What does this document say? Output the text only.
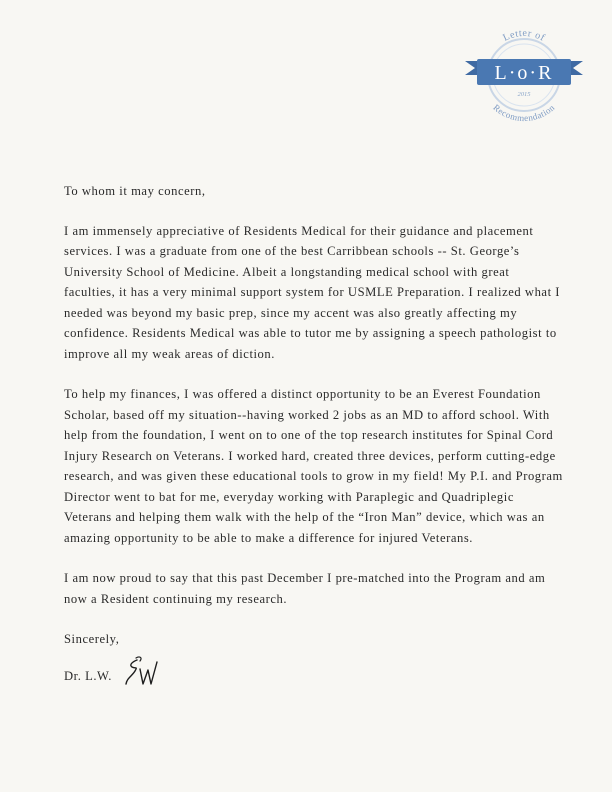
Letter of
L·o·R
2015
Recommendation

To whom it may concern,

I am immensely appreciative of Residents Medical for their guidance and placement services. I was a graduate from one of the best Carribbean schools -- St. George’s University School of Medicine. Albeit a longstanding medical school with great faculties, it has a very minimal support system for USMLE Preparation. I realized what I needed was beyond my basic prep, since my accent was also greatly affecting my confidence. Residents Medical was able to tutor me by assigning a speech pathologist to improve all my weak areas of diction.

To help my finances, I was offered a distinct opportunity to be an Everest Foundation Scholar, based off my situation--having worked 2 jobs as an MD to afford school. With help from the foundation, I went on to one of the top research institutes for Spinal Cord Injury Research on Veterans. I worked hard, created three devices, perform cutting-edge research, and was given these educational tools to grow in my field! My P.I. and Program Director went to bat for me, everyday working with Paraplegic and Quadriplegic Veterans and helping them walk with the help of the “Iron Man” device, which was an amazing opportunity to be able to make a difference for injured Veterans.

I am now proud to say that this past December I pre-matched into the Program and am now a Resident continuing my research.

Sincerely,

Dr. L.W.
